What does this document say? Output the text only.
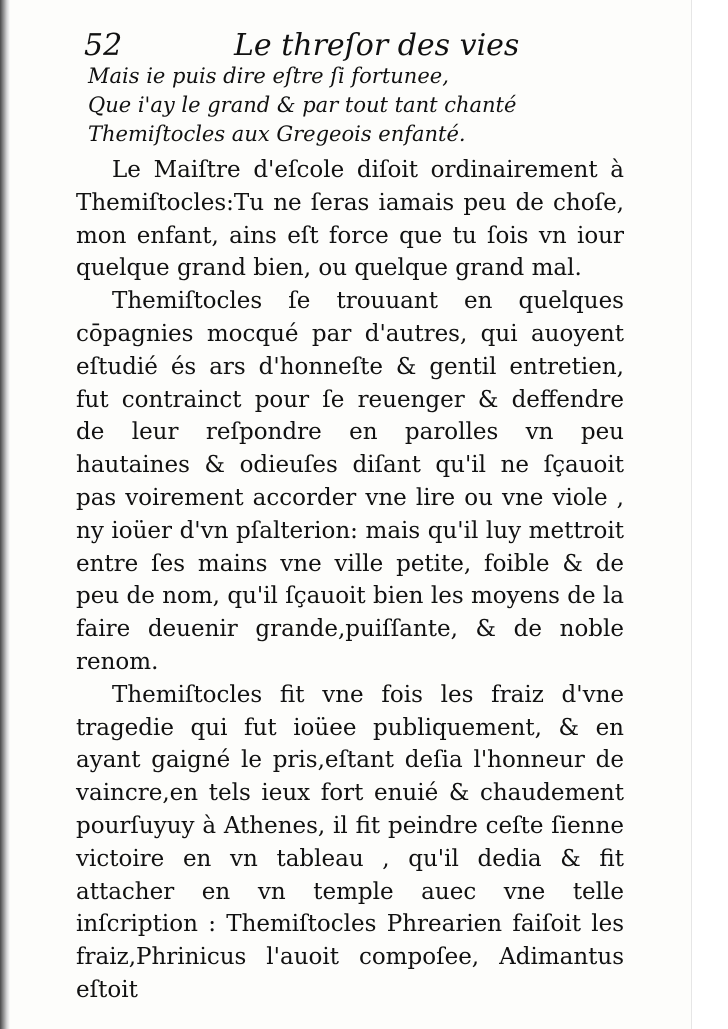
52	Le threſor des vies
Mais ie puis dire eſtre ſi fortunee,
Que i'ay le grand & par tout tant chanté
Themiſtocles aux Gregeois enfanté.

Le Maiſtre d'eſcole diſoit ordinairement à Themiſtocles:Tu ne ſeras iamais peu de choſe, mon enfant, ains eſt force que tu ſois vn iour quelque grand bien, ou quelque grand mal.

Themiſtocles ſe trouuant en quelques cōpagnies mocqué par d'autres, qui auoyent eſtudié és ars d'honneſte & gentil entretien, fut contrainct pour ſe reuenger & deffendre de leur reſpondre en parolles vn peu hautaines & odieuſes diſant qu'il ne ſçauoit pas voirement accorder vne lire ou vne viole , ny ioüer d'vn pſalterion: mais qu'il luy mettroit entre ſes mains vne ville petite, foible & de peu de nom, qu'il ſçauoit bien les moyens de la faire deuenir grande,puiſſante, & de noble renom.

Themiſtocles fit vne fois les fraiz d'vne tragedie qui fut ioüee publiquement, & en ayant gaigné le pris,eſtant deſia l'honneur de vaincre,en tels ieux fort enuié & chaudement pourſuyuy à Athenes, il fit peindre ceſte ſienne victoire en vn tableau , qu'il dedia & fit attacher en vn temple auec vne telle inſcription : Themiſtocles Phrearien faiſoit les fraiz,Phrinicus l'auoit compoſee, Adimantus eſtoit
